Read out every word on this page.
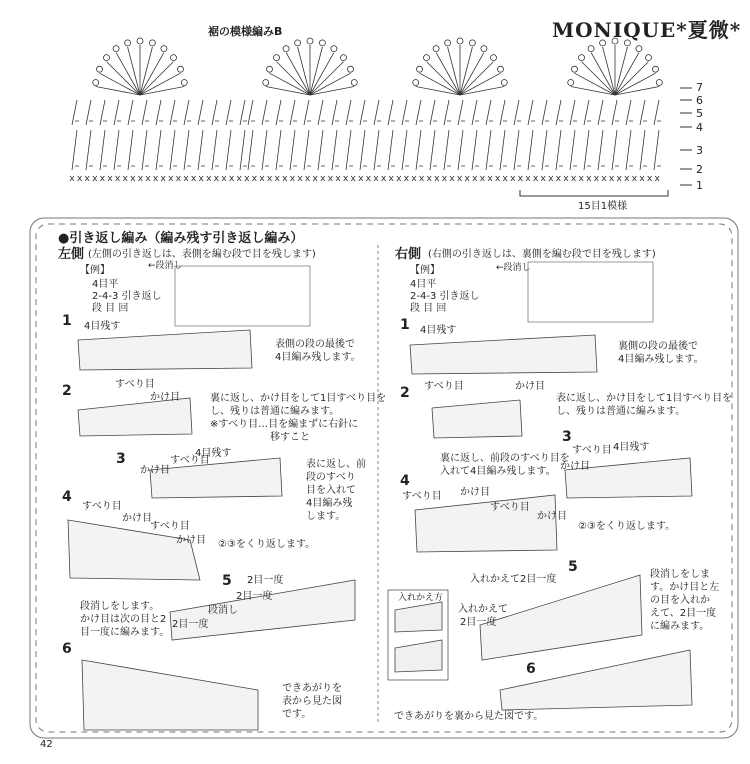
MONIQUE*夏微*
裾の模様編みB
7
6
5
4
3
2
1
15目1模様
●引き返し編み（編み残す引き返し編み）
左側 (左側の引き返しは、表側を編む段で目を残します)
【例】	←段消し
4目平
2-4-3 引き返し
段 目 回
1 4目残す
表側の段の最後で
4目編み残します。
2	すべり目
かけ目	裏に返し、かけ目をして1目すべり目を
し、残りは普通に編みます。
※すべり目…目を編まずに右針に
　　　　　　移すこと
3	4目残す
かけ目
すべり目	表に返し、前
段のすべり
目を入れて
4目編み残
します。
4
すべり目
かけ目
すべり目
かけ目 ②③をくり返します。
5 2目一度
2目一度
段消し
2目一度
段消しをします。
かけ目は次の目と2
目一度に編みます。
6
できあがりを
表から見た図
です。
右側 (右側の引き返しは、裏側を編む段で目を残します)
【例】	←段消し
4目平
2-4-3 引き返し
段 目 回
1 4目残す
裏側の段の最後で
4目編み残します。
2 すべり目	かけ目
表に返し、かけ目をして1目すべり目を
し、残りは普通に編みます。
3
すべり目 4目残す
かけ目
裏に返し、前段のすべり目を
入れて4目編み残します。
4
すべり目 かけ目
すべり目
かけ目
②③をくり返します。
5
入れかえて2目一度
入れかえて
2目一度
段消しをしま
す。かけ目と左
の目を入れか
えて、2目一度
に編みます。
入れかえ方
6
できあがりを裏から見た図です。
42
